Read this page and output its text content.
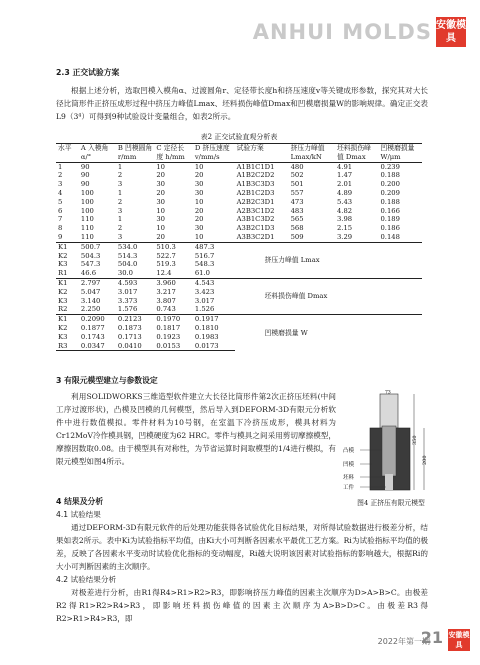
ANHUI MOLDS 安徽模具
2.3 正交试验方案
根据上述分析，选取凹模入模角α、过渡圆角r、定径带长度h和挤压速度v等关键成形参数，探究其对大长径比筒形件正挤压成形过程中挤压力峰值Lmax、坯料损伤峰值Dmax和凹模磨损量W的影响规律。确定正交表L9（3⁴）可得到9种试验设计变量组合，如表2所示。
表2 正交试验直观分析表
水平	A 入模角α/°	B 凹模圆角 r/mm	C 定径长度 h/mm	D 挤压速度 v/mm/s	试验方案	挤压力峰值 Lmax/kN	坯料损伤峰值 Dmax	凹模磨损量 W/μm
1	90	1	10	10	A1B1C1D1	480	4.91	0.239
2	90	2	20	20	A1B2C2D2	502	1.47	0.188
3	90	3	30	30	A1B3C3D3	501	2.01	0.200
4	100	1	20	30	A2B1C2D3	557	4.89	0.209
5	100	2	30	10	A2B2C3D1	473	5.43	0.188
6	100	3	10	20	A2B3C1D2	483	4.82	0.166
7	110	1	30	20	A3B1C3D2	565	3.98	0.189
8	110	2	10	30	A3B2C1D3	568	2.15	0.186
9	110	3	20	10	A3B3C2D1	509	3.29	0.148
K1	500.7	534.0	510.3	487.3	挤压力峰值 Lmax			
K2	504.3	514.3	522.7	516.7				
K3	547.3	504.0	519.3	548.3				
R1	46.6	30.0	12.4	61.0				
K1	2.797	4.593	3.960	4.543	坯料损伤峰值 Dmax			
K2	5.047	3.017	3.217	3.423				
K3	3.140	3.373	3.807	3.017				
R2	2.250	1.576	0.743	1.526				
K1	0.2090	0.2123	0.1970	0.1917	凹模磨损量 W			
K2	0.1877	0.1873	0.1817	0.1810				
K3	0.1743	0.1713	0.1923	0.1983				
R3	0.0347	0.0410	0.0153	0.0173				
3 有限元模型建立与参数设定
利用SOLIDWORKS三维造型软件建立大长径比筒形件第2次正挤压坯料(中间工序过渡形状)，凸模及凹模的几何模型，然后导入到DEFORM-3D有限元分析软件中进行数值模拟。零件材料为10号钢，在室温下冷挤压成形，模具材料为Cr12MoV冷作模具钢，凹模硬度为62 HRC。零件与模具之间采用剪切摩擦模型，摩擦因数取0.08。由于模型具有对称性，为节省运算时间取模型的1/4进行模拟，有限元模型如图4所示。
凸模
凹模
坯料
工件
350
200
73
图4 正挤压有限元模型
4 结果及分析
4.1 试验结果
通过DEFORM-3D有限元软件的后处理功能获得各试验优化目标结果，对所得试验数据进行极差分析，结果如表2所示。表中Ki为试验指标平均值，由Ki大小可判断各因素水平最优工艺方案。Ri为试验指标平均值的极差，反映了各因素水平变动时试验优化指标的变动幅度，Ri越大说明该因素对试验指标的影响越大，根据Ri的大小可判断因素的主次顺序。
4.2 试验结果分析
对极差进行分析，由R1得R4>R1>R2>R3，即影响挤压力峰值的因素主次顺序为D>A>B>C。由极差R2得R1>R2>R4>R3，即影响坯料损伤峰值的因素主次顺序为A>B>D>C。由极差R3得R2>R1>R4>R3，即
2022年第一期
21 安徽模具
